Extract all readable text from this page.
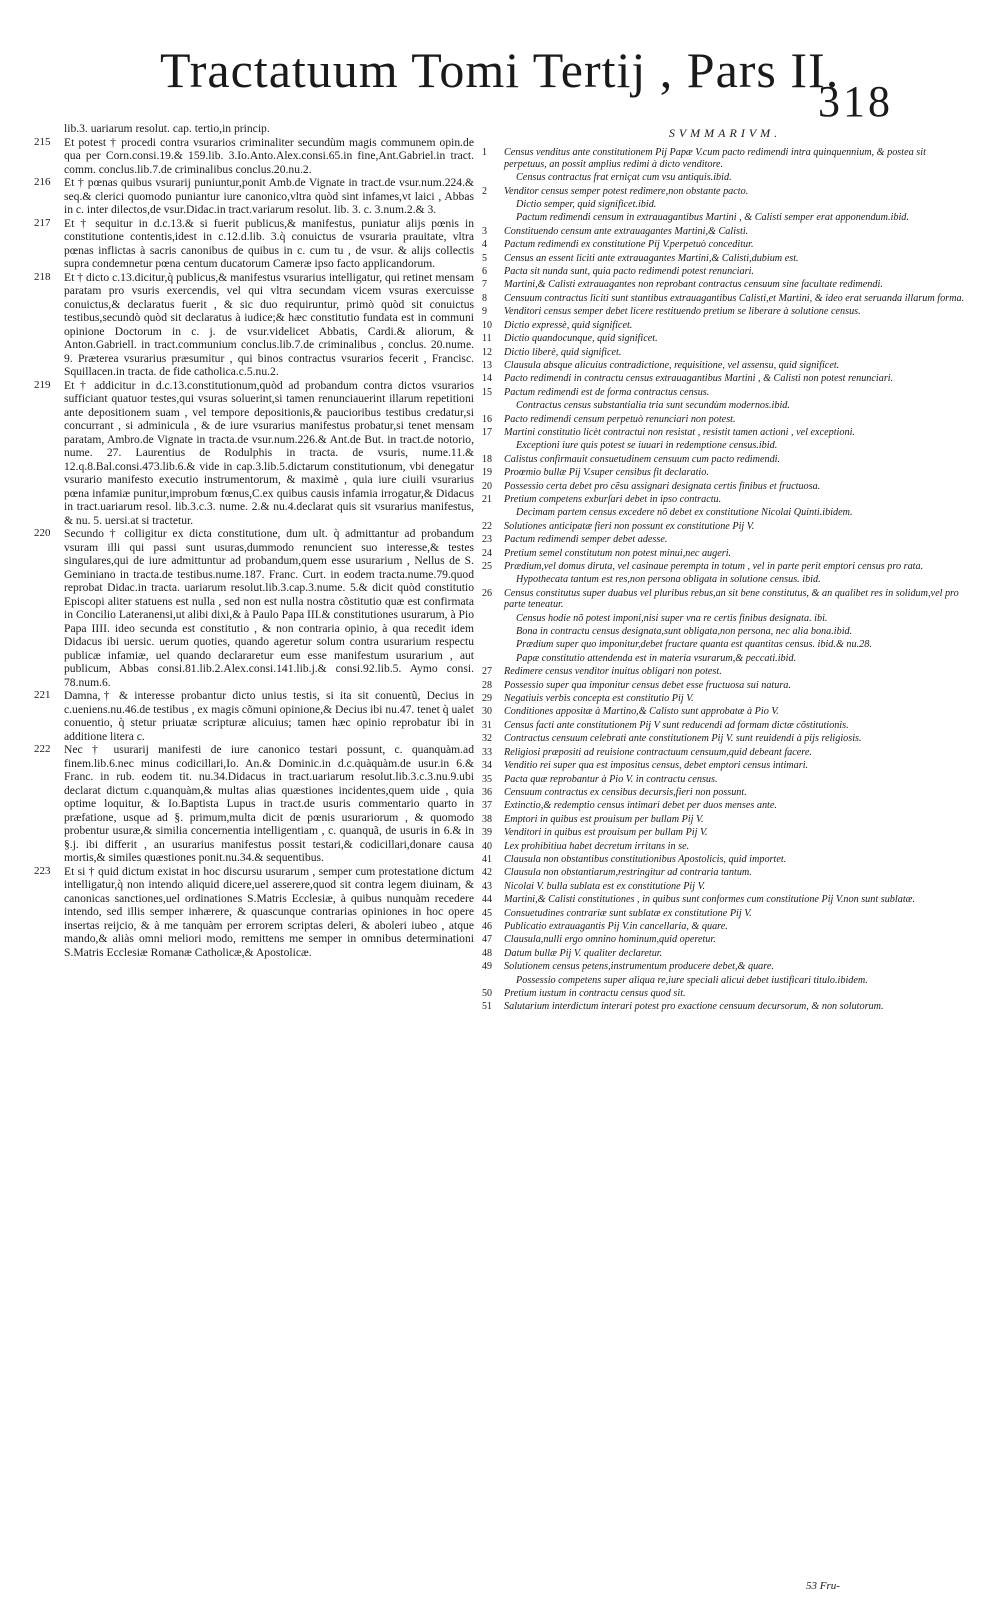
Tractatuum Tomi Tertij , Pars II.
318

lib.3. uariarum resolut. cap. tertio,in princip.

215 Et potest † procedi contra vsurarios criminaliter secundùm magis communem opin.de qua per Corn.consi.19.& 159.lib. 3.Io.Anto.Alex.consi.65.in fine,Ant.Gabriel.in tract. comm. conclus.lib.7.de criminalibus conclus.20.nu.2.

216 Et † pœnas quibus vsurarij puniuntur,ponit Amb.de Vignate in tract.de vsur.num.224.& seq.& clerici quomodo puniantur iure canonico,vltra quòd sint infames,vt laici , Abbas in c. inter dilectos,de vsur.Didac.in tract.variarum resolut. lib. 3. c. 3.num.2.& 3.

217 Et † sequitur in d.c.13.& si fuerit publicus,& manifestus, puniatur alijs pœnis in constitutione contentis,idest in c.12.d.lib. 3.q̀ conuictus de vsuraria prauitate, vltra pœnas inflictas à sacris canonibus de quibus in c. cum tu , de vsur. & alijs collectis supra condemnetur pœna centum ducatorum Cameræ ipso facto applicandorum.

218 Et † dicto c.13.dicitur,q̀ publicus,& manifestus vsurarius intelligatur, qui retinet mensam paratam pro vsuris exercendis, vel qui vltra secundam vicem vsuras exercuisse conuictus,& declaratus fuerit , & sic duo requiruntur, primò quòd sit conuictus testibus,secundò quòd sit declaratus à iudice;& hæc constitutio fundata est in communi opinione Doctorum in c. j. de vsur.videlicet Abbatis, Cardi.& aliorum, & Anton.Gabriell. in tract.communium conclus.lib.7.de criminalibus , conclus. 20.nume. 9. Præterea vsurarius præsumitur , qui binos contractus vsurarios fecerit , Francisc. Squillacen.in tracta. de fide catholica.c.5.nu.2.

219 Et † addicitur in d.c.13.constitutionum,quòd ad probandum contra dictos vsurarios sufficiant quatuor testes,qui vsuras soluerint,si tamen renunciauerint illarum repetitioni ante depositionem suam , vel tempore depositionis,& paucioribus testibus credatur,si concurrant , si adminicula , & de iure vsurarius manifestus probatur,si tenet mensam paratam, Ambro.de Vignate in tracta.de vsur.num.226.& Ant.de But. in tract.de notorio, nume. 27. Laurentius de Rodulphis in tracta. de vsuris, nume.11.& 12.q.8.Bal.consi.473.lib.6.& vide in cap.3.lib.5.dictarum constitutionum, vbi denegatur vsurario manifesto executio instrumentorum, & maximè , quia iure ciuili vsurarius pœna infamiæ punitur,improbum fœnus,C.ex quibus causis infamia irrogatur,& Didacus in tract.uariarum resol. lib.3.c.3. nume. 2.& nu.4.declarat quis sit vsurarius manifestus, & nu. 5. uersi.at si tractetur.

220 Secundo † colligitur ex dicta constitutione, dum ult. q̀ admittantur ad probandum vsuram illi qui passi sunt usuras,dummodo renuncient suo interesse,& testes singulares,qui de iure admittuntur ad probandum,quem esse usurarium , Nellus de S. Geminiano in tracta.de testibus.nume.187. Franc. Curt. in eodem tracta.nume.79.quod reprobat Didac.in tracta. uariarum resolut.lib.3.cap.3.nume. 5.& dicit quòd constitutio Episcopi aliter statuens est nulla , sed non est nulla nostra cõstitutio quæ est confirmata in Concilio Lateranensi,ut alibi dixi,& à Paulo Papa III.& constitutiones usurarum, à Pio Papa IIII. ideo secunda est constitutio , & non contraria opinio, à qua recedit idem Didacus ibi uersic. uerum quoties, quando ageretur solum contra usurarium respectu publicæ infamiæ, uel quando declararetur eum esse manifestum usurarium , aut publicum, Abbas consi.81.lib.2.Alex.consi.141.lib.j.& consi.92.lib.5. Aymo consi. 78.num.6.

221 Damna,† & interesse probantur dicto unius testis, si ita sit conuentũ, Decius in c.ueniens.nu.46.de testibus , ex magis cõmuni opinione,& Decius ibi nu.47. tenet q̀ ualet conuentio, q̀ stetur priuatæ scripturæ alicuius; tamen hæc opinio reprobatur ibi in additione litera c.

222 Nec † usurarij manifesti de iure canonico testari possunt, c. quanquàm.ad finem.lib.6.nec minus codicillari,Io. An.& Dominic.in d.c.quàquàm.de usur.in 6.& Franc. in rub. eodem tit. nu.34.Didacus in tract.uariarum resolut.lib.3.c.3.nu.9.ubi declarat dictum c.quanquàm,& multas alias quæstiones incidentes,quem uide , quia optime loquitur, & Io.Baptista Lupus in tract.de usuris commentario quarto in præfatione, usque ad §. primum,multa dicit de pœnis usurariorum , & quomodo probentur usuræ,& similia concernentia intelligentiam , c. quanquã, de usuris in 6.& in §.j. ibi differit , an usurarius manifestus possit testari,& codicillari,donare causa mortis,& similes quæstiones ponit.nu.34.& sequentibus.

223 Et si † quid dictum existat in hoc discursu usurarum , semper cum protestatione dictum intelligatur,q̀ non intendo aliquid dicere,uel asserere,quod sit contra legem diuinam, & canonicas sanctiones,uel ordinationes S.Matris Ecclesiæ, à quibus nunquàm recedere intendo, sed illis semper inhærere, & quascunque contrarias opiniones in hoc opere insertas reijcio, & à me tanquàm per errorem scriptas deleri, & aboleri iubeo , atque mando,& aliàs omni meliori modo, remittens me semper in omnibus determinationi S.Matris Ecclesiæ Romanæ Catholicæ,& Apostolicæ.

SVMMARIVM.
1 Census venditus ante constitutionem Pij Papæ V.cum pacto redimendi intra quinquennium, & postea sit perpetuus, an possit amplius redimi à dicto venditore.
Census contractus frat erniçat cum vsu antiquis.ibid.
2 Venditor census semper potest redimere,non obstante pacto.
Dictio semper, quid significet.ibid.
Pactum redimendi censum in extrauagantibus Martini , & Calisti semper erat apponendum.ibid.
3 Constituendo censum ante extrauagantes Martini,& Calisti.
4 Pactum redimendi ex constitutione Pij V.perpetuò conceditur.
5 Census an essent liciti ante extrauagantes Martini,& Calisti,dubium est.
6 Pacta sit nunda sunt, quia pacto redimendi potest renunciari.
7 Martini,& Calisti extrauagantes non reprobant contractus censuum sine facultate redimendi.
8 Censuum contractus liciti sunt stantibus extrauagantibus Calisti,et Martini, & ideo erat seruanda illarum forma.
9 Venditori census semper debet licere restituendo pretium se liberare à solutione census.
10 Dictio expressè, quid significet.
11 Dictio quandocunque, quid significet.
12 Dictio liberè, quid significet.
13 Clausula absque alicuius contradictione, requisitione, vel assensu, quid significet.
14 Pacto redimendi in contractu census extrauagantibus Martini , & Calisti non potest renunciari.
15 Pactum redimendi est de forma contractus census.
Contractus census substantialia tria sunt secundùm modernos.ibid.
16 Pacto redimendi censum perpetuò renunciari non potest.
17 Martini constitutio licèt contractui non resistat , resistit tamen actioni , vel exceptioni.
Exceptioni iure quis potest se iuuari in redemptione census.ibid.
18 Calistus confirmauit consuetudinem censuum cum pacto redimendi.
19 Proœmio bullæ Pij V.super censibus fit declaratio.
20 Possessio certa debet pro cẽsu assignari designata certis finibus et fructuosa.
21 Pretium competens exburſari debet in ipso contractu.
Decimam partem census excedere nõ debet ex constitutione Nicolai Quinti.ibidem.
22 Solutiones anticipatæ fieri non possunt ex constitutione Pij V.
23 Pactum redimendi semper debet adesse.
24 Pretium semel constitutum non potest minui,nec augeri.
25 Prædium,vel domus diruta, vel casinaue perempta in totum , vel in parte perit emptori census pro rata.
Hypothecata tantum est res,non persona obligata in solutione census. ibid.
26 Census constitutus super duabus vel pluribus rebus,an sit bene constitutus, & an qualibet res in solidum,vel pro parte teneatur.
Census hodie nõ potest imponi,nisi super vna re certis finibus designata. ibi.
Bona in contractu census designata,sunt obligata,non persona, nec alia bona.ibid.
Prædium super quo imponitur,debet fructare quanta est quantitas census. ibid.& nu.28.
Papæ constitutio attendenda est in materia vsurarum,& peccati.ibid.
27 Redimere census venditor inuitus obligari non potest.
28 Possessio super qua imponitur census debet esse fructuosa sui natura.
29 Negatiuis verbis concepta est constitutio Pij V.
30 Conditiones appositæ à Martino,& Calisto sunt approbatæ à Pio V.
31 Census facti ante constitutionem Pij V sunt reducendi ad formam dictæ cõstitutionis.
32 Contractus censuum celebrati ante constitutionem Pij V. sunt reuidendi à pijs religiosis.
33 Religiosi præpositi ad reuisione contractuum censuum,quid debeant facere.
34 Venditio rei super qua est impositus census, debet emptori census intimari.
35 Pacta quæ reprobantur à Pio V. in contractu census.
36 Censuum contractus ex censibus decursis,fieri non possunt.
37 Extinctio,& redemptio census intimari debet per duos menses ante.
38 Emptori in quibus est prouisum per bullam Pij V.
39 Venditori in quibus est prouisum per bullam Pij V.
40 Lex prohibitiua habet decretum irritans in se.
41 Clausula non obstantibus constitutionibus Apostolicis, quid importet.
42 Clausula non obstantiarum,restringitur ad contraria tantum.
43 Nicolai V. bulla sublata est ex constitutione Pij V.
44 Martini,& Calisti constitutiones , in quibus sunt conformes cum constitutione Pij V.non sunt sublatæ.
45 Consuetudines contrariæ sunt sublatæ ex constitutione Pij V.
46 Publicatio extrauagantis Pij V.in cancellaria, & quare.
47 Clausula,nulli ergo omnino hominum,quid operetur.
48 Datum bullæ Pij V. qualiter declaretur.
49 Solutionem census petens,instrumentum producere debet,& quare.
Possessio competens super aliqua re,iure speciali alicui debet iustificari titulo.ibidem.
50 Pretium iustum in contractu census quod sit.
51 Salutarium interdictum interari potest pro exactione censuum decursorum, & non solutorum.
53 Fru-
